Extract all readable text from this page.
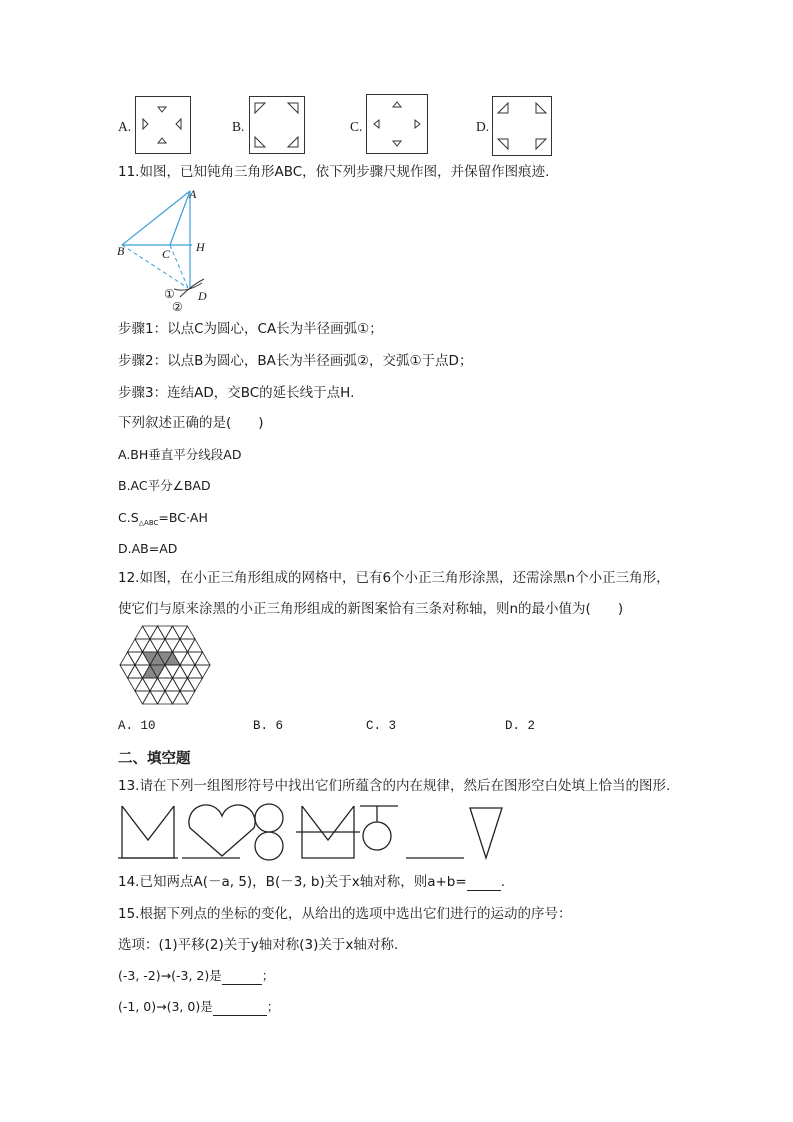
A.	B.	C.	D.
11.如图，已知钝角三角形ABC，依下列步骤尺规作图，并保留作图痕迹.
A
B	C H
D
①
②
步骤1：以点C为圆心，CA长为半径画弧①；
步骤2：以点B为圆心，BA长为半径画弧②，交弧①于点D；
步骤3：连结AD，交BC的延长线于点H.
下列叙述正确的是(　　)
A.BH垂直平分线段AD
B.AC平分∠BAD
$C.S_{\triangle ABC}=BC\cdot AH$
D.AB=AD
12.如图，在小正三角形组成的网格中，已有6个小正三角形涂黑，还需涂黑n个小正三角形，
使它们与原来涂黑的小正三角形组成的新图案恰有三条对称轴，则n的最小值为(　　)
A. 10	B. 6	C. 3	D. 2
二、填空题
13.请在下列一组图形符号中找出它们所蕴含的内在规律，然后在图形空白处填上恰当的图形.
14.已知两点A(－a, 5)，B(－3, b)关于x轴对称，则a+b=	.
15.根据下列点的坐标的变化，从给出的选项中选出它们进行的运动的序号：
选项：(1)平移(2)关于y轴对称(3)关于x轴对称.
(-3, -2)→(-3, 2)是	；
(-1, 0)→(3, 0)是	；
